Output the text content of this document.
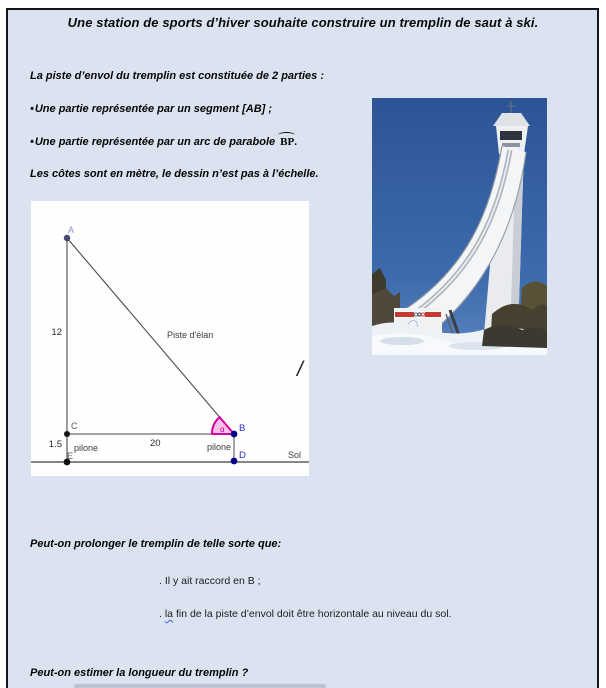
Une station de sports d’hiver souhaite construire un tremplin de saut à ski.
La piste d’envol du tremplin est constituée de 2 parties :
•Une partie représentée par un segment [AB] ;
•Une partie représentée par un arc de parabole BP.
Les côtes sont en mètre, le dessin n’est pas à l’échelle.
A
12	Piste d'élan
C
1.5 pilone
E
20	pilone
B
α
D	Sol
/
Peut-on prolonger le tremplin de telle sorte que:
. Il y ait raccord en B ;
. la fin de la piste d’envol doit être horizontale au niveau du sol.
Peut-on estimer la longueur du tremplin ?
